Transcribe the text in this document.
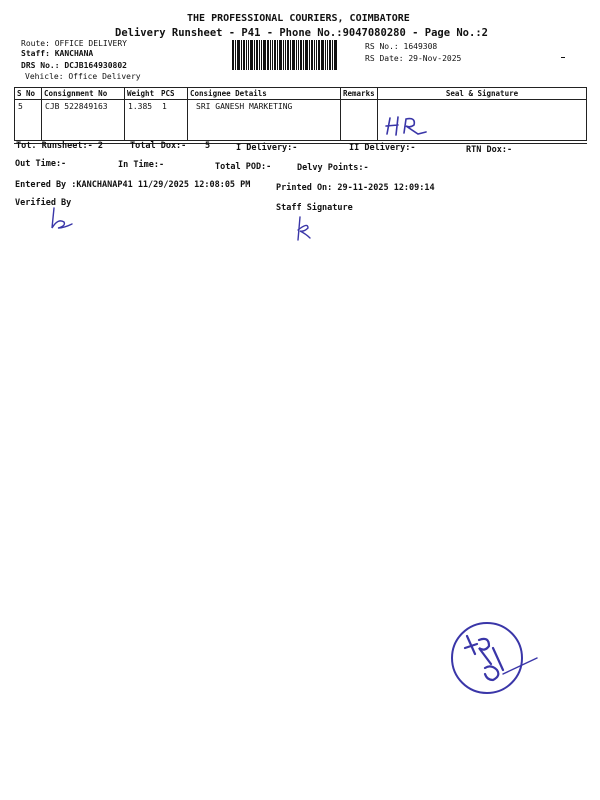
THE PROFESSIONAL COURIERS, COIMBATORE
Delivery Runsheet - P41 - Phone No.:9047080280 - Page No.:2
Route: OFFICE DELIVERY
Staff: KANCHANA
DRS No.: DCJB164930802
Vehicle: Office Delivery
RS No.: 1649308
RS Date: 29-Nov-2025
S No	Consignment No	Weight	PCS	Consignee Details	Remarks	Seal & Signature
5	CJB 522849163	1.385	1	SRI GANESH MARKETING		
Tot. Runsheet:- 2	Total Dox:- 5	I Delivery:-	II Delivery:-	RTN Dox:-
Out Time:-	In Time:-	Total POD:-	Delvy Points:-
Entered By :KANCHANAP41 11/29/2025 12:08:05 PM	Printed On: 29-11-2025 12:09:14
Verified By	Staff Signature
